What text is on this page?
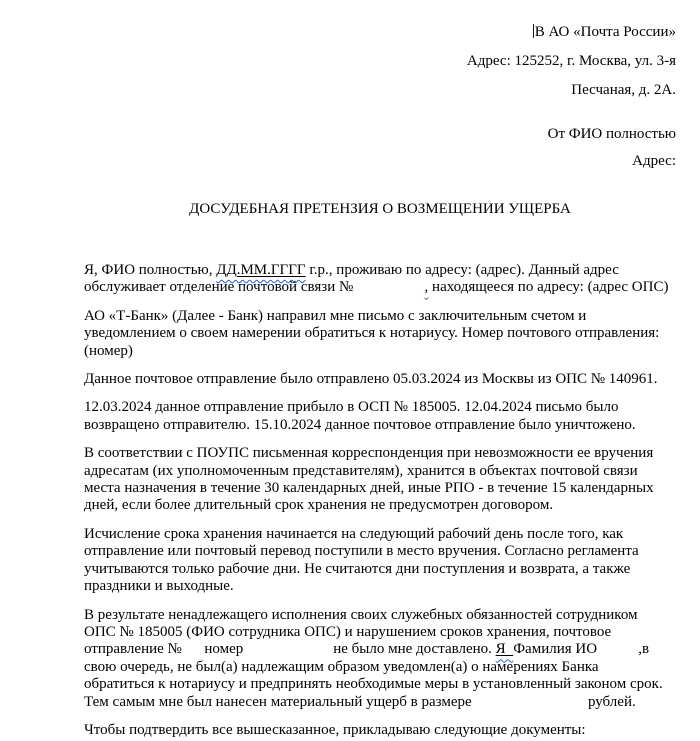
В АО «Почта России»
Адрес: 125252, г. Москва, ул. 3-я
Песчаная, д. 2А.
От ФИО полностью
Адрес:
ДОСУДЕБНАЯ ПРЕТЕНЗИЯ О ВОЗМЕЩЕНИИ УЩЕРБА
Я, ФИО полностью, ДД.ММ.ГГГГ г.р., проживаю по адресу: (адрес). Данный адрес
обслуживает отделение почтовой связи №                   , находящееся по адресу: (адрес ОПС)
АО «Т-Банк» (Далее - Банк) направил мне письмо с заключительным счетом и
уведомлением о своем намерении обратиться к нотариусу. Номер почтового отправления:
(номер)
Данное почтовое отправление было отправлено 05.03.2024 из Москвы из ОПС № 140961.
12.03.2024 данное отправление прибыло в ОСП № 185005. 12.04.2024 письмо было
возвращено отправителю. 15.10.2024 данное почтовое отправление было уничтожено.
В соответствии с ПОУПС письменная корреспонденция при невозможности ее вручения
адресатам (их уполномоченным представителям), хранится в объектах почтовой связи
места назначения в течение 30 календарных дней, иные РПО - в течение 15 календарных
дней, если более длительный срок хранения не предусмотрен договором.
Исчисление срока хранения начинается на следующий рабочий день после того, как
отправление или почтовый перевод поступили в место вручения. Согласно регламента
учитываются только рабочие дни. Не считаются дни поступления и возврата, а также
праздники и выходные.
В результате ненадлежащего исполнения своих служебных обязанностей сотрудником
ОПС № 185005 (ФИО сотрудника ОПС) и нарушением сроков хранения, почтовое
отправление №      номер                        не было мне доставлено. Я  Фамилия ИО           ,в
свою очередь, не был(а) надлежащим образом уведомлен(а) о намерениях Банка
обратиться к нотариусу и предпринять необходимые меры в установленный законом срок.
Тем самым мне был нанесен материальный ущерб в размере                               рублей.
Чтобы подтвердить все вышесказанное, прикладываю следующие документы:
